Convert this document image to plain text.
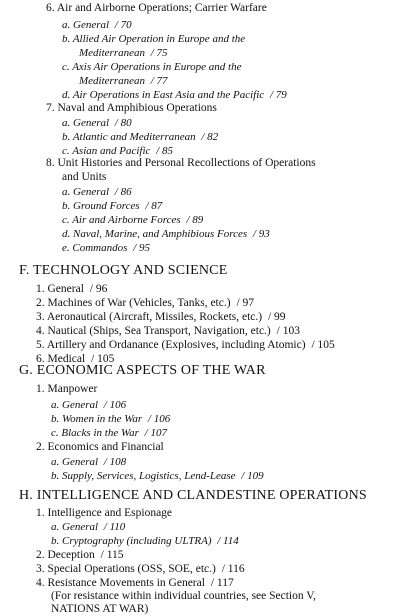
6. Air and Airborne Operations; Carrier Warfare
a. General / 70
b. Allied Air Operation in Europe and the
Mediterranean / 75
c. Axis Air Operations in Europe and the
Mediterranean / 77
d. Air Operations in East Asia and the Pacific / 79
7. Naval and Amphibious Operations
a. General / 80
b. Atlantic and Mediterranean / 82
c. Asian and Pacific / 85
8. Unit Histories and Personal Recollections of Operations
and Units
a. General / 86
b. Ground Forces / 87
c. Air and Airborne Forces / 89
d. Naval, Marine, and Amphibious Forces / 93
e. Commandos / 95
F. TECHNOLOGY AND SCIENCE
1. General / 96
2. Machines of War (Vehicles, Tanks, etc.) / 97
3. Aeronautical (Aircraft, Missiles, Rockets, etc.) / 99
4. Nautical (Ships, Sea Transport, Navigation, etc.) / 103
5. Artillery and Ordanance (Explosives, including Atomic) / 105
6. Medical / 105
G. ECONOMIC ASPECTS OF THE WAR
1. Manpower
a. General / 106
b. Women in the War / 106
c. Blacks in the War / 107
2. Economics and Financial
a. General / 108
b. Supply, Services, Logistics, Lend-Lease / 109
H. INTELLIGENCE AND CLANDESTINE OPERATIONS
1. Intelligence and Espionage
a. General / 110
b. Cryptography (including ULTRA) / 114
2. Deception / 115
3. Special Operations (OSS, SOE, etc.) / 116
4. Resistance Movements in General / 117
(For resistance within individual countries, see Section V,
NATIONS AT WAR)
